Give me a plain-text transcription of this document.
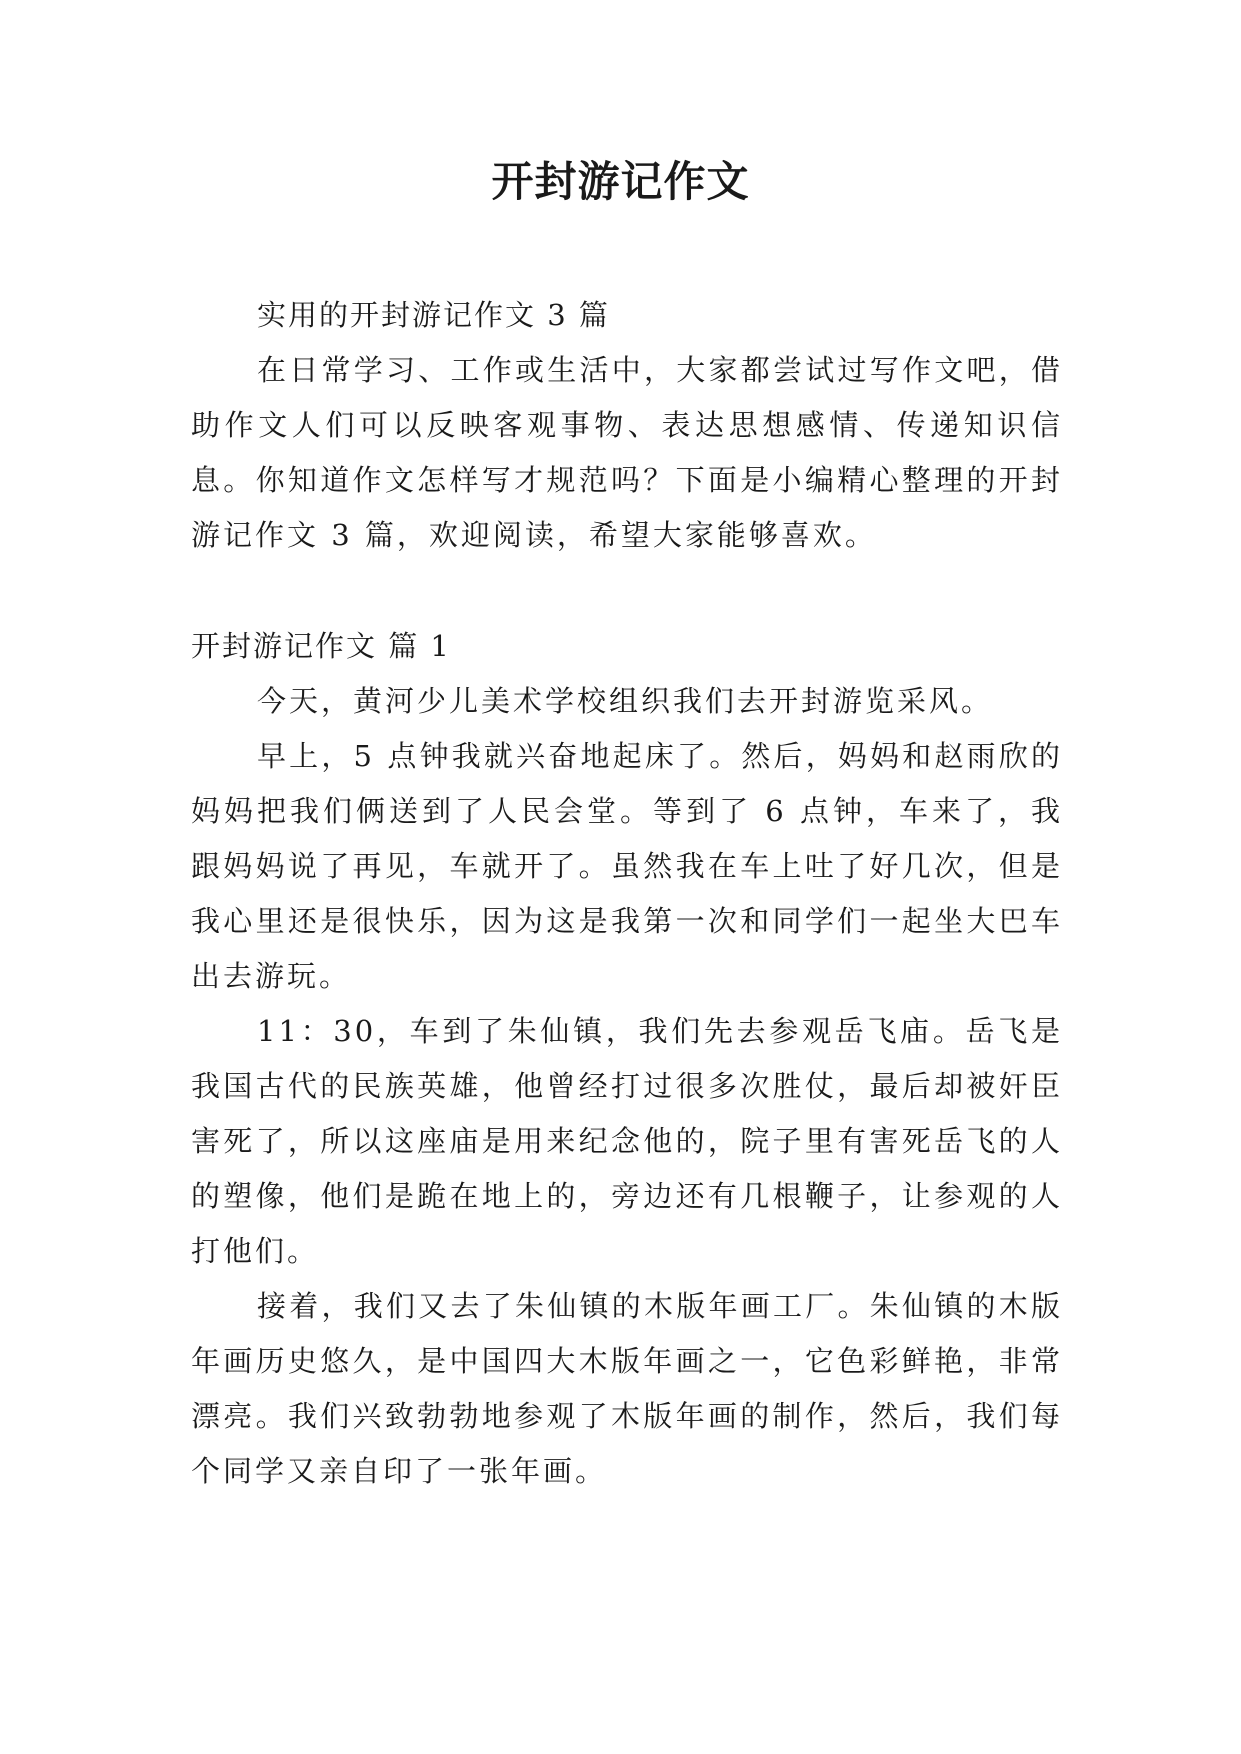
开封游记作文

实用的开封游记作文 3 篇

在日常学习、工作或生活中，大家都尝试过写作文吧，借助作文人们可以反映客观事物、表达思想感情、传递知识信息。你知道作文怎样写才规范吗？下面是小编精心整理的开封游记作文 3 篇，欢迎阅读，希望大家能够喜欢。

开封游记作文 篇 1

今天，黄河少儿美术学校组织我们去开封游览采风。

早上，5 点钟我就兴奋地起床了。然后，妈妈和赵雨欣的妈妈把我们俩送到了人民会堂。等到了 6 点钟，车来了，我跟妈妈说了再见，车就开了。虽然我在车上吐了好几次，但是我心里还是很快乐，因为这是我第一次和同学们一起坐大巴车出去游玩。

11：30，车到了朱仙镇，我们先去参观岳飞庙。岳飞是我国古代的民族英雄，他曾经打过很多次胜仗，最后却被奸臣害死了，所以这座庙是用来纪念他的，院子里有害死岳飞的人的塑像，他们是跪在地上的，旁边还有几根鞭子，让参观的人打他们。

接着，我们又去了朱仙镇的木版年画工厂。朱仙镇的木版年画历史悠久，是中国四大木版年画之一，它色彩鲜艳，非常漂亮。我们兴致勃勃地参观了木版年画的制作，然后，我们每个同学又亲自印了一张年画。
